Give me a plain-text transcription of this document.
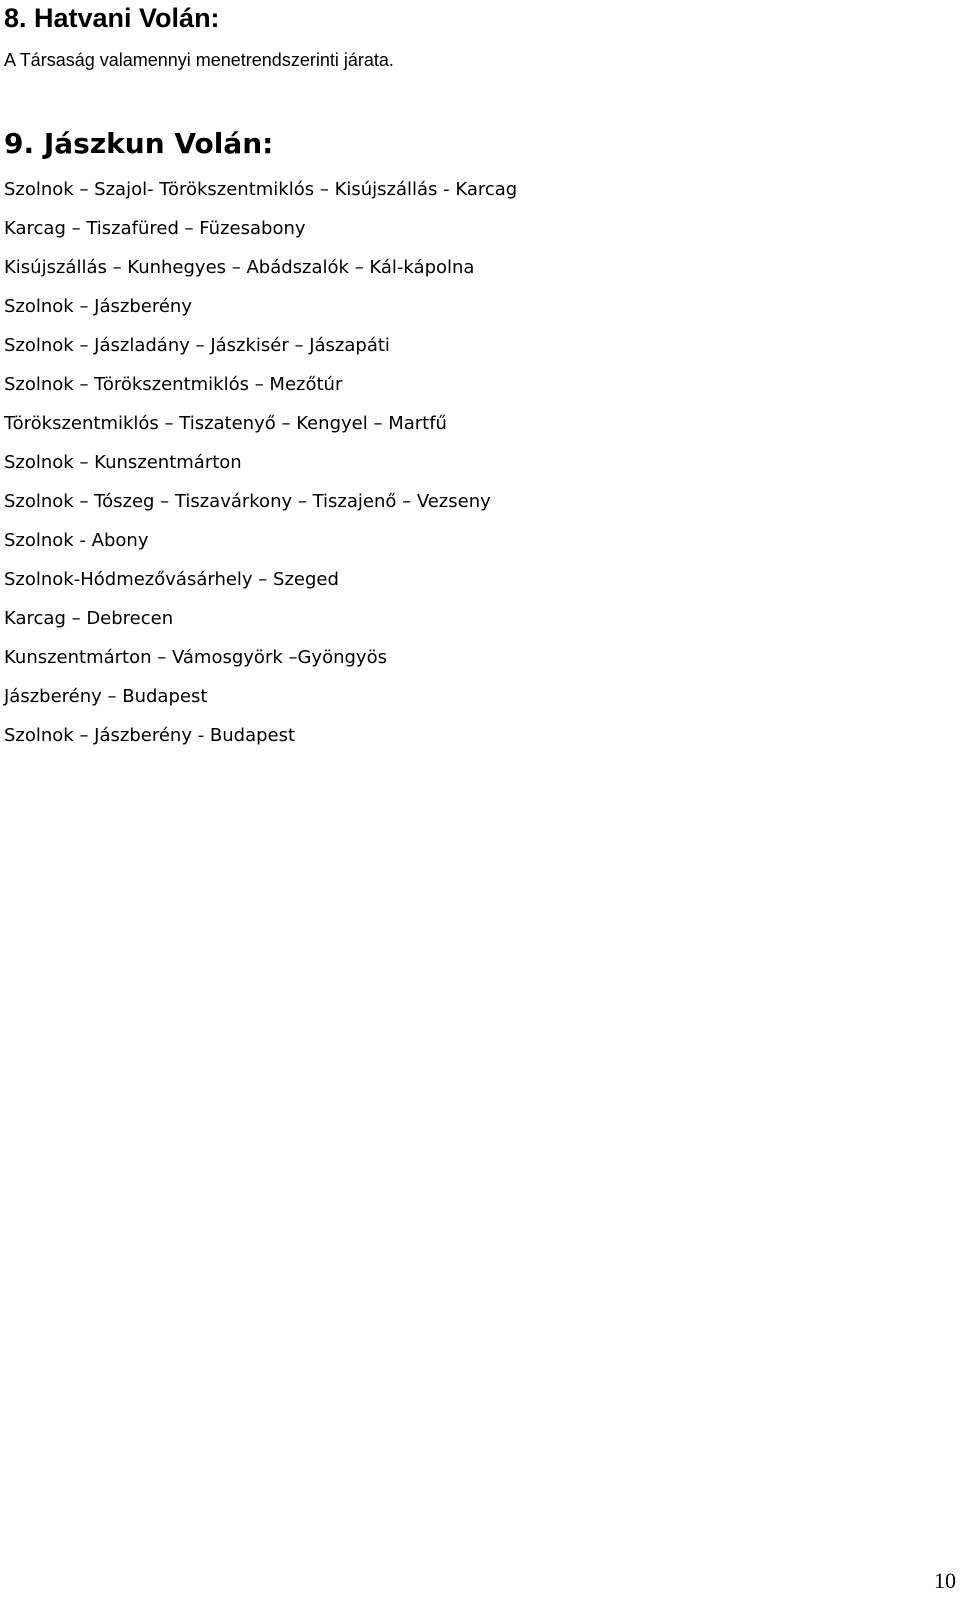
8. Hatvani Volán:

A Társaság valamennyi menetrendszerinti járata.

9. Jászkun Volán:
Szolnok – Szajol- Törökszentmiklós – Kisújszállás - Karcag
Karcag – Tiszafüred – Füzesabony
Kisújszállás – Kunhegyes – Abádszalók – Kál-kápolna
Szolnok – Jászberény
Szolnok – Jászladány – Jászkisér – Jászapáti
Szolnok – Törökszentmiklós – Mezőtúr
Törökszentmiklós – Tiszatenyő – Kengyel – Martfű
Szolnok – Kunszentmárton
Szolnok – Tószeg – Tiszavárkony – Tiszajenő – Vezseny
Szolnok - Abony
Szolnok-Hódmezővásárhely – Szeged
Karcag – Debrecen
Kunszentmárton – Vámosgyörk –Gyöngyös
Jászberény – Budapest
Szolnok – Jászberény - Budapest
10
